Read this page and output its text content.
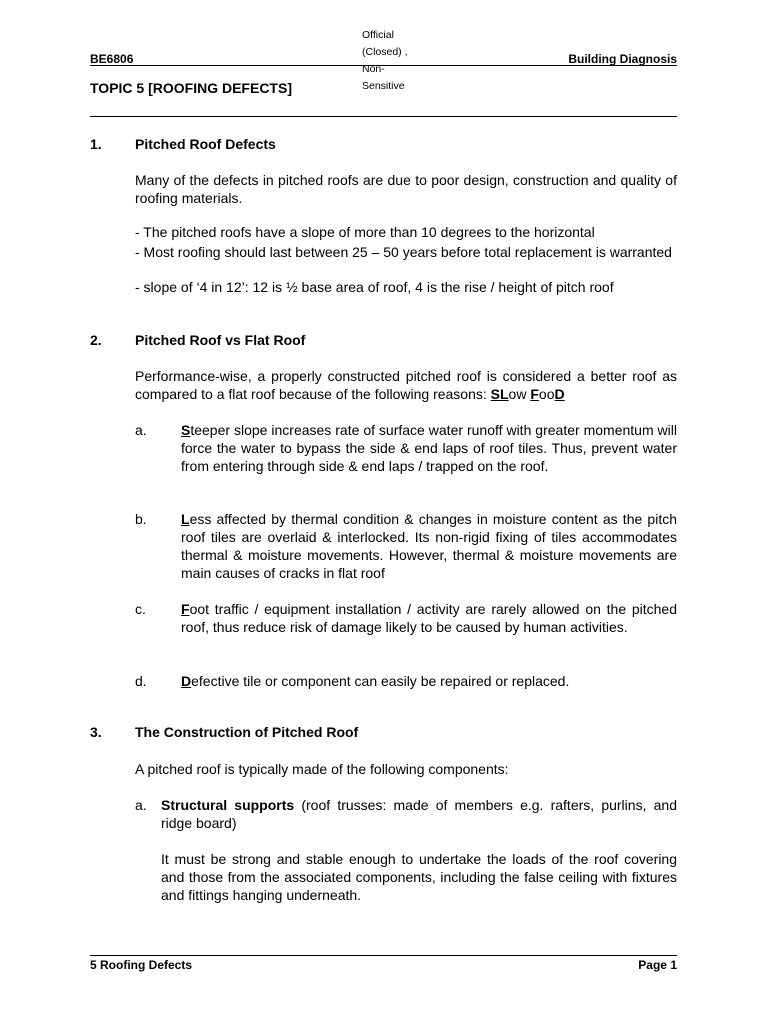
BE6806
Official (Closed) , Non-Sensitive
Building Diagnosis
TOPIC 5 [ROOFING DEFECTS]
1. Pitched Roof Defects
Many of the defects in pitched roofs are due to poor design, construction and quality of roofing materials.
- The pitched roofs have a slope of more than 10 degrees to the horizontal
- Most roofing should last between 25 – 50 years before total replacement is warranted
- slope of ‘4 in 12’: 12 is ½ base area of roof, 4 is the rise / height of pitch roof
2. Pitched Roof vs Flat Roof
Performance-wise, a properly constructed pitched roof is considered a better roof as compared to a flat roof because of the following reasons: SLow FooD
a. Steeper slope increases rate of surface water runoff with greater momentum will force the water to bypass the side & end laps of roof tiles. Thus, prevent water from entering through side & end laps / trapped on the roof.
b. Less affected by thermal condition & changes in moisture content as the pitch roof tiles are overlaid & interlocked. Its non-rigid fixing of tiles accommodates thermal & moisture movements. However, thermal & moisture movements are main causes of cracks in flat roof
c.	Foot traffic / equipment installation / activity are rarely allowed on the pitched roof, thus reduce risk of damage likely to be caused by human activities.
d. Defective tile or component can easily be repaired or replaced.
3. The Construction of Pitched Roof
A pitched roof is typically made of the following components:
a. Structural supports (roof trusses: made of members e.g. rafters, purlins, and ridge board)
It must be strong and stable enough to undertake the loads of the roof covering and those from the associated components, including the false ceiling with fixtures and fittings hanging underneath.
5 Roofing Defects	Page 1
